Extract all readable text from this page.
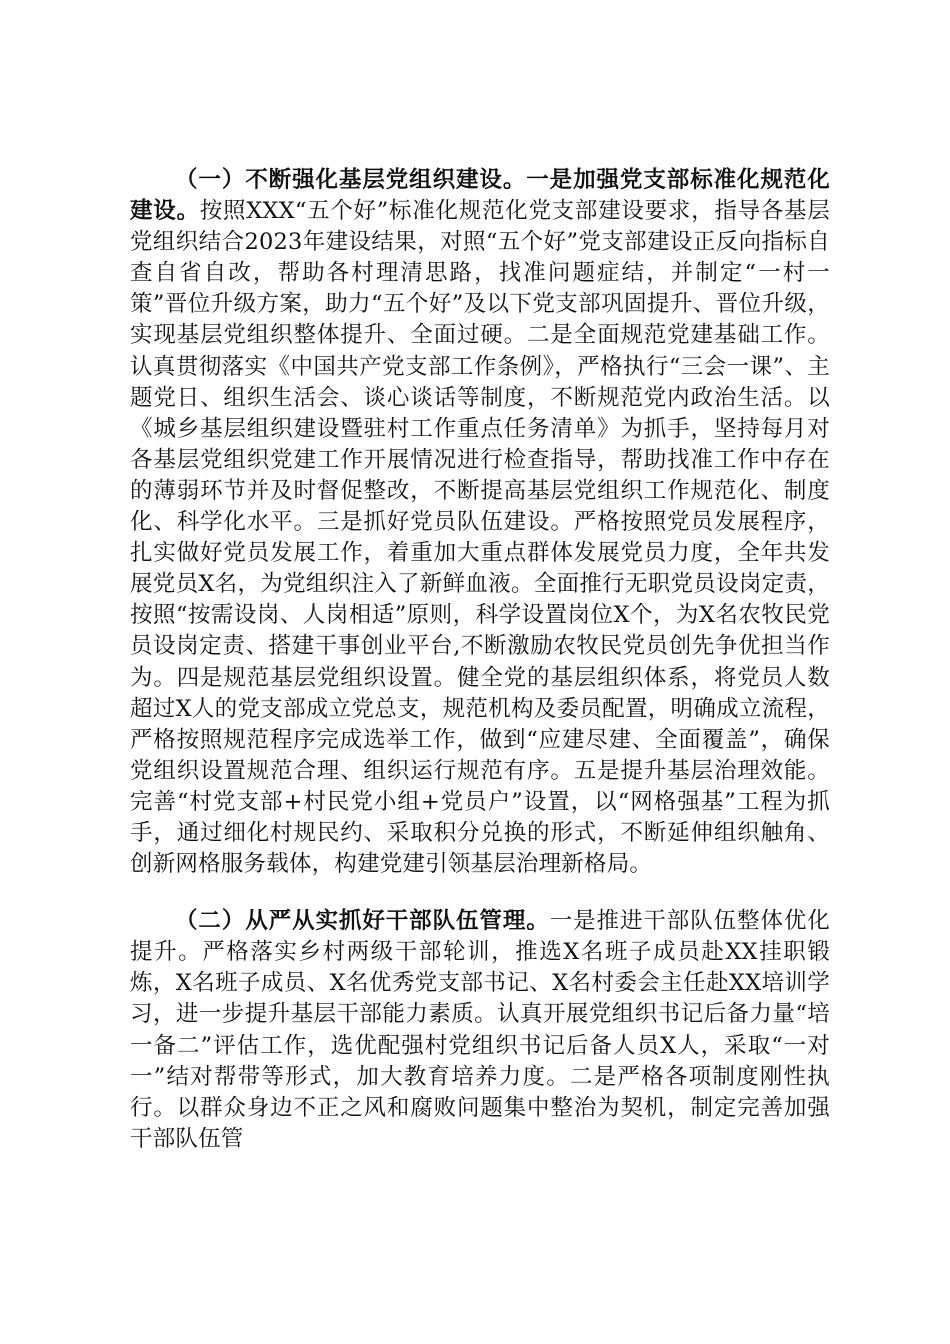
（一）不断强化基层党组织建设。一是加强党支部标准化规范化建设。按照XXX“五个好”标准化规范化党支部建设要求，指导各基层党组织结合2023年建设结果，对照“五个好”党支部建设正反向指标自查自省自改，帮助各村理清思路，找准问题症结，并制定“一村一策”晋位升级方案，助力“五个好”及以下党支部巩固提升、晋位升级，实现基层党组织整体提升、全面过硬。二是全面规范党建基础工作。认真贯彻落实《中国共产党支部工作条例》，严格执行“三会一课”、主题党日、组织生活会、谈心谈话等制度，不断规范党内政治生活。以《城乡基层组织建设暨驻村工作重点任务清单》为抓手，坚持每月对各基层党组织党建工作开展情况进行检查指导，帮助找准工作中存在的薄弱环节并及时督促整改，不断提高基层党组织工作规范化、制度化、科学化水平。三是抓好党员队伍建设。严格按照党员发展程序，扎实做好党员发展工作，着重加大重点群体发展党员力度，全年共发展党员X名，为党组织注入了新鲜血液。全面推行无职党员设岗定责，按照“按需设岗、人岗相适”原则，科学设置岗位X个，为X名农牧民党员设岗定责、搭建干事创业平台,不断激励农牧民党员创先争优担当作为。四是规范基层党组织设置。健全党的基层组织体系，将党员人数超过X人的党支部成立党总支，规范机构及委员配置，明确成立流程，严格按照规范程序完成选举工作，做到“应建尽建、全面覆盖”，确保党组织设置规范合理、组织运行规范有序。五是提升基层治理效能。完善“村党支部+村民党小组+党员户”设置，以“网格强基”工程为抓手，通过细化村规民约、采取积分兑换的形式，不断延伸组织触角、创新网格服务载体，构建党建引领基层治理新格局。

（二）从严从实抓好干部队伍管理。一是推进干部队伍整体优化提升。严格落实乡村两级干部轮训，推选X名班子成员赴XX挂职锻炼，X名班子成员、X名优秀党支部书记、X名村委会主任赴XX培训学习，进一步提升基层干部能力素质。认真开展党组织书记后备力量“培一备二”评估工作，选优配强村党组织书记后备人员X人，采取“一对一”结对帮带等形式，加大教育培养力度。二是严格各项制度刚性执行。以群众身边不正之风和腐败问题集中整治为契机，制定完善加强干部队伍管
